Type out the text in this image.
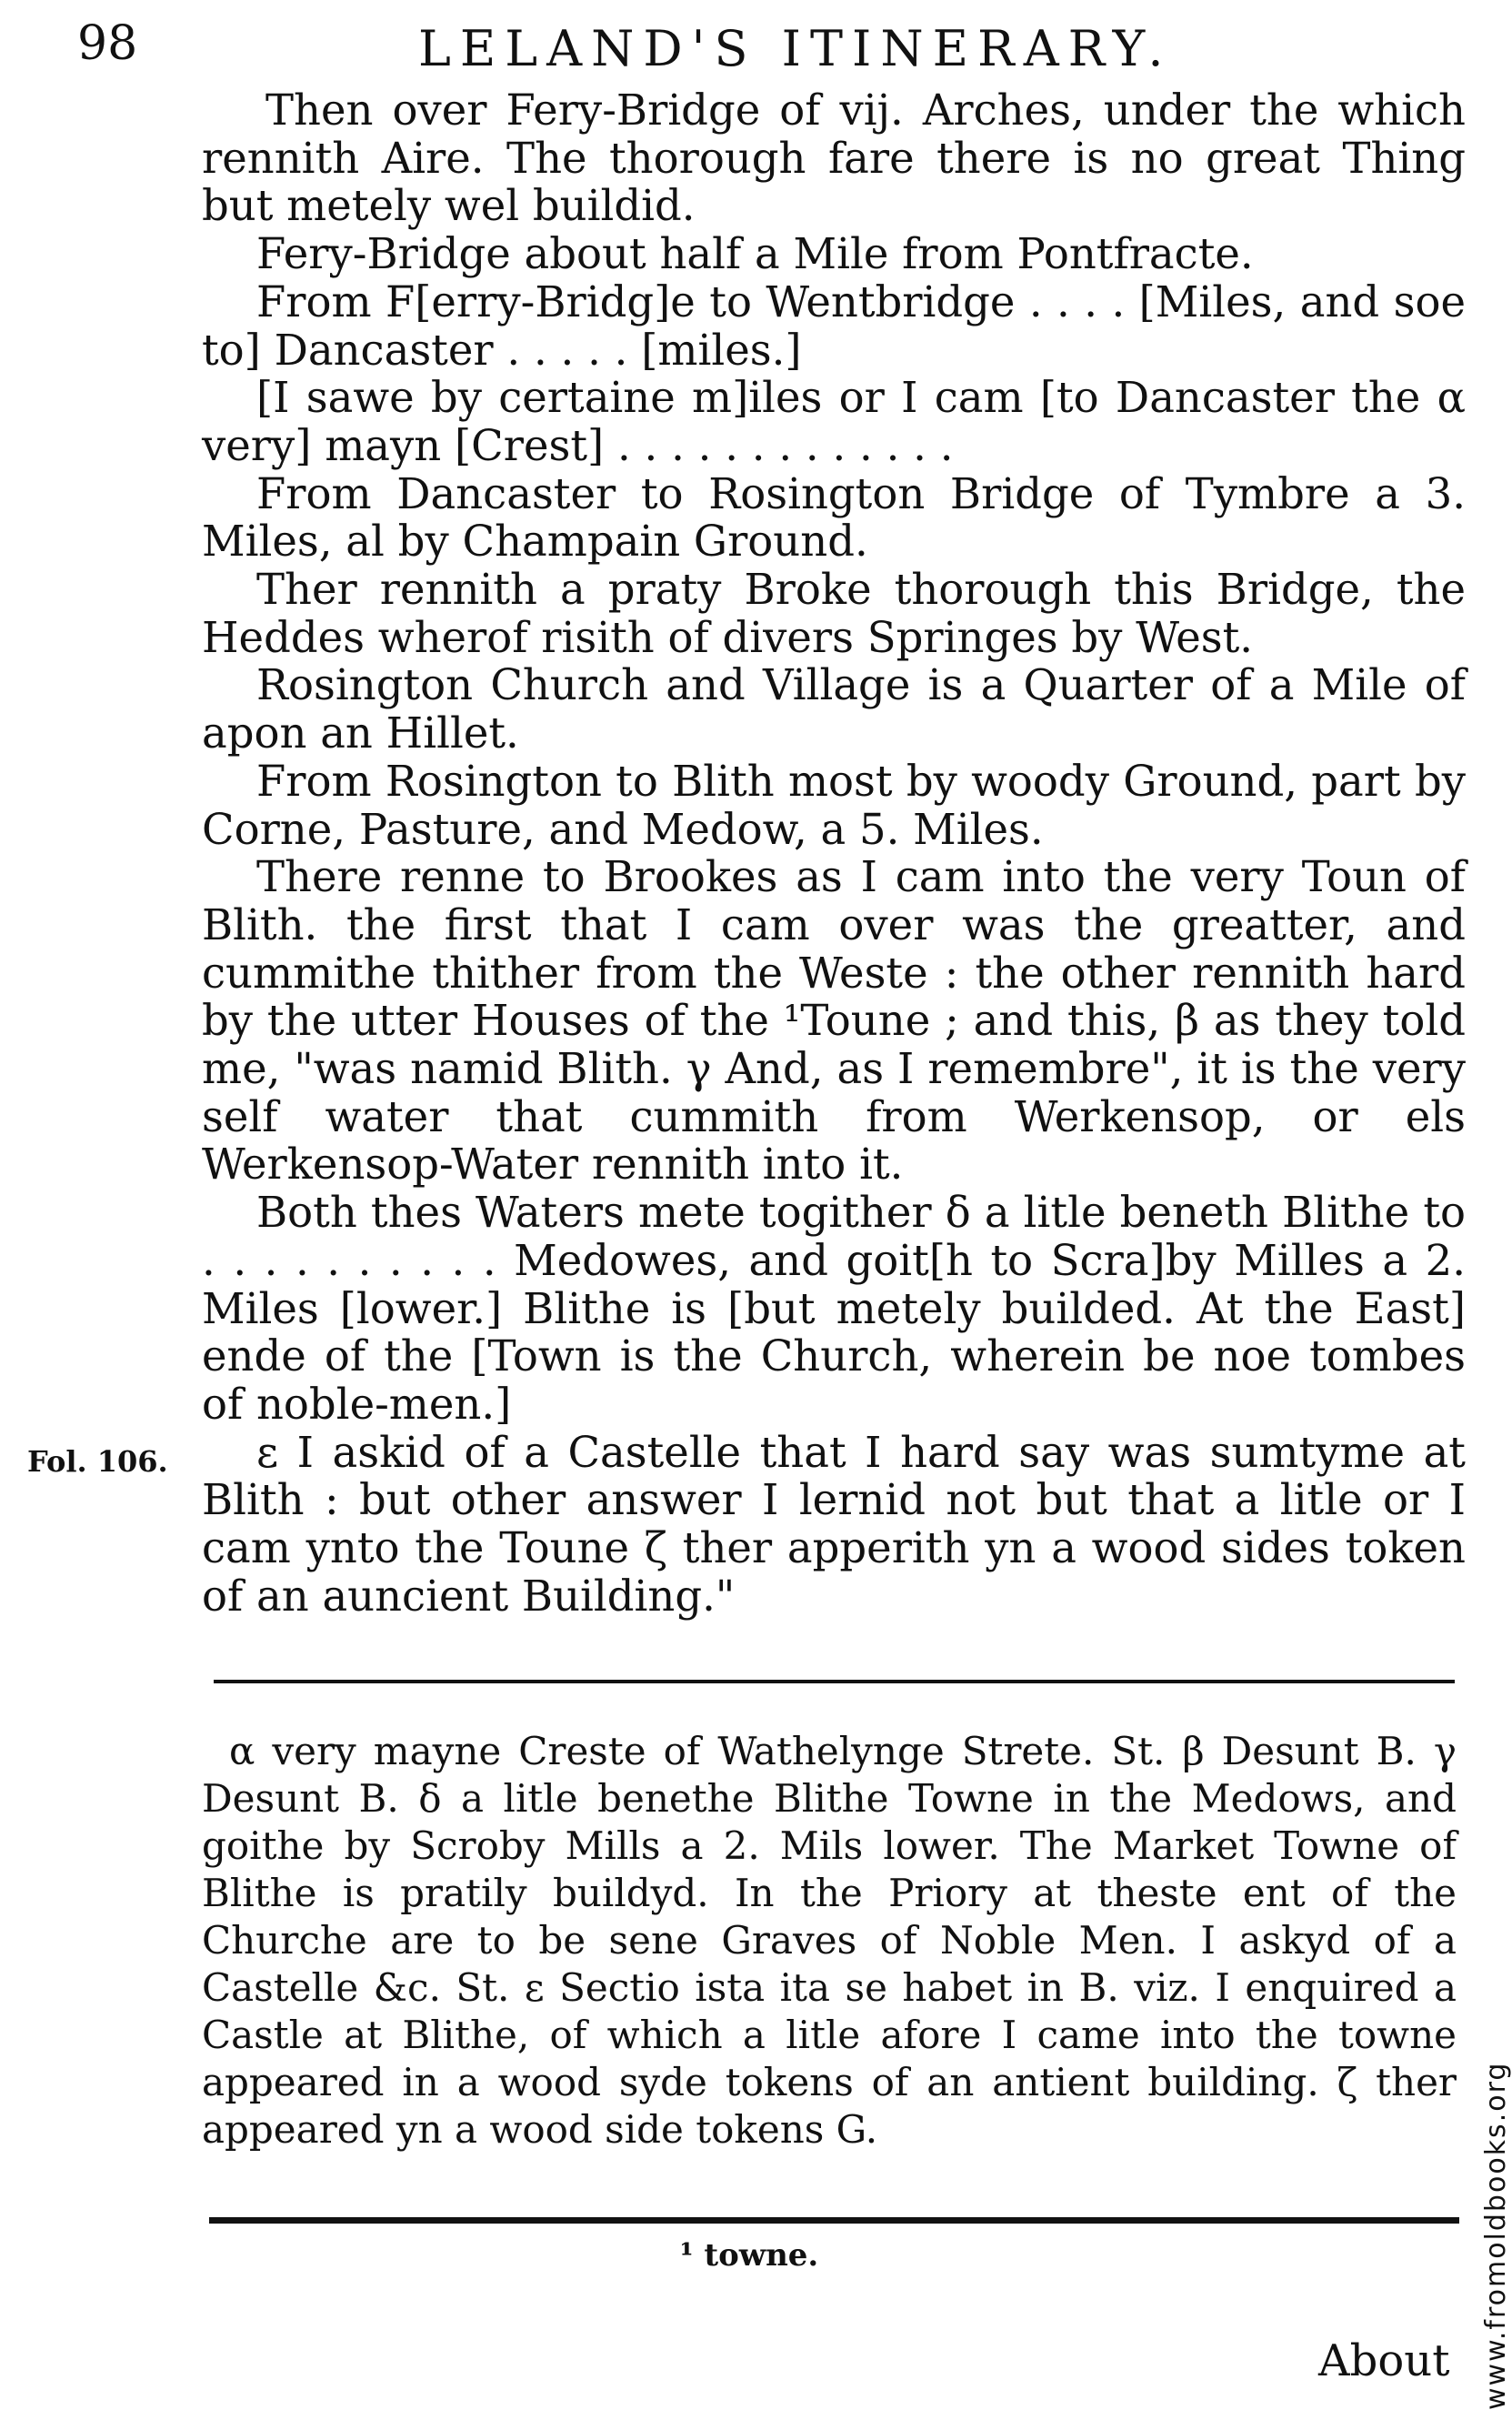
98	LELAND'S ITINERARY.

Then over Fery-Bridge of vij. Arches, under the which rennith Aire. The thorough fare there is no great Thing but metely wel buildid.

Fery-Bridge about half a Mile from Pontfracte.

From F[erry-Bridg]e to Wentbridge . . . . [Miles, and soe to] Dancaster . . . . . [miles.]

[I sawe by certaine m]iles or I cam [to Dancaster the α very] mayn [Crest] . . . . . . . . . . . . .

From Dancaster to Rosington Bridge of Tymbre a 3. Miles, al by Champain Ground.

Ther rennith a praty Broke thorough this Bridge, the Heddes wherof risith of divers Springes by West.

Rosington Church and Village is a Quarter of a Mile of apon an Hillet.

From Rosington to Blith most by woody Ground, part by Corne, Pasture, and Medow, a 5. Miles.

There renne to Brookes as I cam into the very Toun of Blith. the first that I cam over was the greatter, and cummithe thither from the Weste : the other rennith hard by the utter Houses of the ¹Toune ; and this, β as they told me, "was namid Blith. γ And, as I remembre", it is the very self water that cummith from Werkensop, or els Werkensop-Water rennith into it.

Both thes Waters mete togither δ a litle beneth Blithe to . . . . . . . . . . Medowes, and goit[h to Scra]by Milles a 2. Miles [lower.] Blithe is [but metely builded. At the East] ende of the [Town is the Church, wherein be noe tombes of noble-men.]

ε I askid of a Castelle that I hard say was sumtyme at Blith : but other answer I lernid not but that a litle or I cam ynto the Toune ζ ther apperith yn a wood sides token of an auncient Building."

Fol. 106.

α very mayne Creste of Wathelynge Strete. St. β Desunt B. γ Desunt B. δ a litle benethe Blithe Towne in the Medows, and goithe by Scroby Mills a 2. Mils lower. The Market Towne of Blithe is pratily buildyd. In the Priory at theste ent of the Churche are to be sene Graves of Noble Men. I askyd of a Castelle &c. St. ε Sectio ista ita se habet in B. viz. I enquired a Castle at Blithe, of which a litle afore I came into the towne appeared in a wood syde tokens of an antient building. ζ ther appeared yn a wood side tokens G.

¹ towne.
About www.fromoldbooks.org
